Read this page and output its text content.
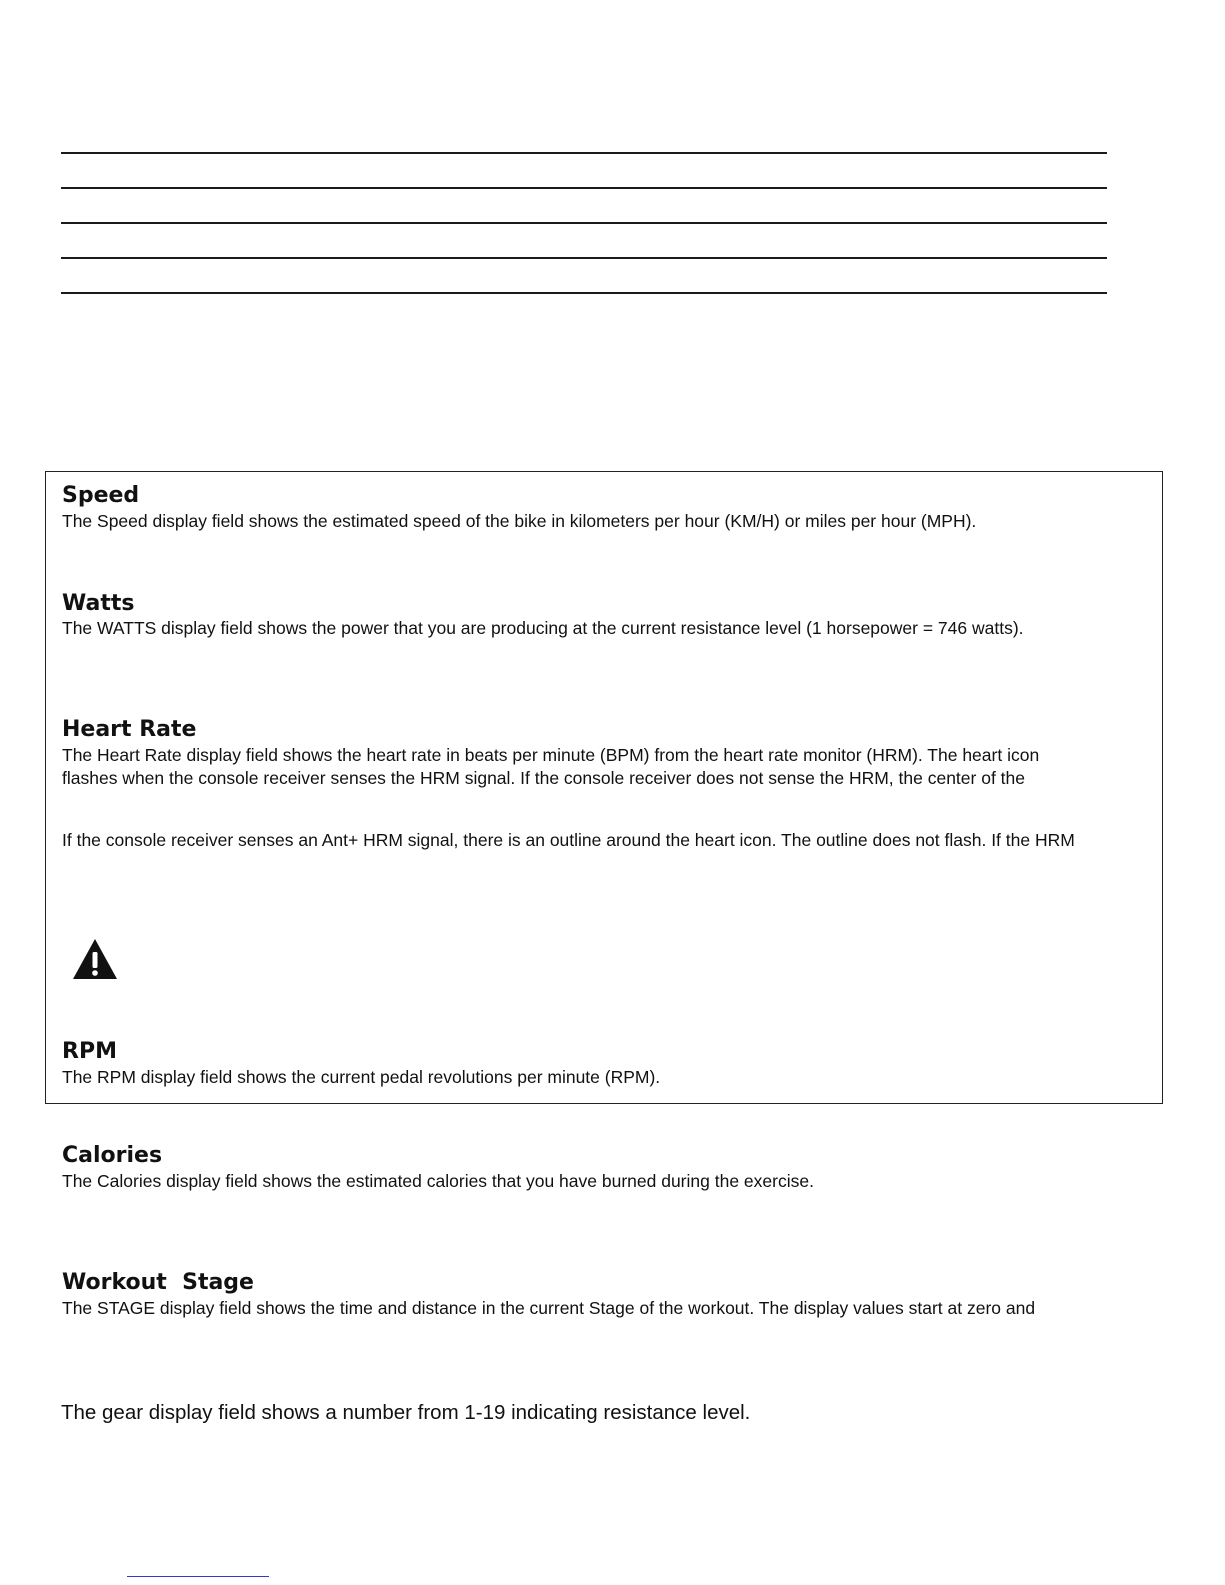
Speed

The Speed display field shows the estimated speed of the bike in kilometers per hour (KM/H) or miles per hour (MPH).

Watts

The WATTS display field shows the power that you are producing at the current resistance level (1 horsepower = 746 watts).

Heart Rate

The Heart Rate display field shows the heart rate in beats per minute (BPM) from the heart rate monitor (HRM). The heart icon

flashes when the console receiver senses the HRM signal. If the console receiver does not sense the HRM, the center of the

If the console receiver senses an Ant+ HRM signal, there is an outline around the heart icon. The outline does not flash. If the HRM

RPM

The RPM display field shows the current pedal revolutions per minute (RPM).

Calories

The Calories display field shows the estimated calories that you have burned during the exercise.

Workout  Stage

The STAGE display field shows the time and distance in the current Stage of the workout. The display values start at zero and

The gear display field shows a number from 1-19 indicating resistance level.
